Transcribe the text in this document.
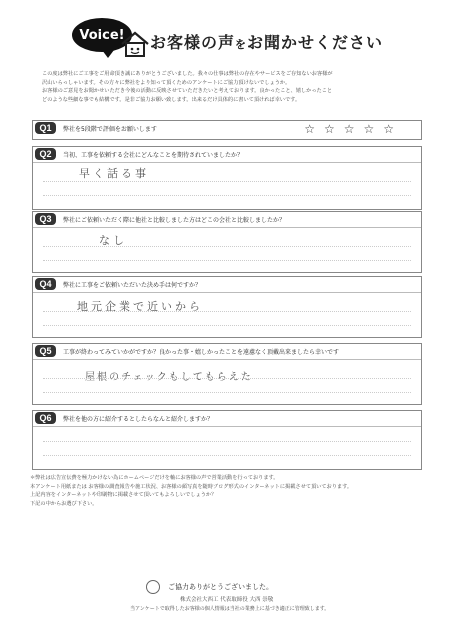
Voice! お客様の声をお聞かせください
この度は弊社にご工事をご用命頂き誠にありがとうございました。我々の仕事は弊社の存在やサービスをご存知ないお客様が
沢山いらっしゃいます。その方々に弊社をより知って頂くためのアンケートにご協力頂けないでしょうか。
お客様のご意見をお聞かせいただき今後の活動に反映させていただきたいと考えております。良かったこと、嬉しかったこと
どのような些細な事でも結構です。是非ご協力お願い致します。出来るだけ具体的に書いて頂ければ幸いです。
Q1	弊社を5段階で評価をお願いします	☆☆☆☆☆
Q2	当初、工事を依頼する会社にどんなことを期待されていましたか？
早く話る事
Q3	弊社にご依頼いただく際に他社と比較しました方はどこの会社と比較しましたか？
なし
Q4	弊社に工事をご依頼いただいた決め手は何ですか？
地元企業で近いから
Q5	工事が終わってみていかがですか？良かった事・嬉しかったことを遠慮なく頂戴出来ましたら幸いです
屋根のチェックもしてもらえた
Q6	弊社を他の方に紹介するとしたらなんと紹介しますか？
＊弊社は広告宣伝費を極力かけない為にホームページだけを軸にお客様の声で営業活動を行っております。
本アンケート用紙または お客様の調査報告や施工状況、お客様の顔写真を随時ブログ形式のインターネットに掲載させて頂いております。
上記内容をインターネットや印刷物に掲載させて頂いてもよろしいでしょうか？
下記の中からお選び下さい。
ご協力ありがとうございました。
株式会社大西工 代表取締役 大西 崇敬
当アンケートで取得したお客様の個人情報は当社の業務上に基づき適正に管理致します。
